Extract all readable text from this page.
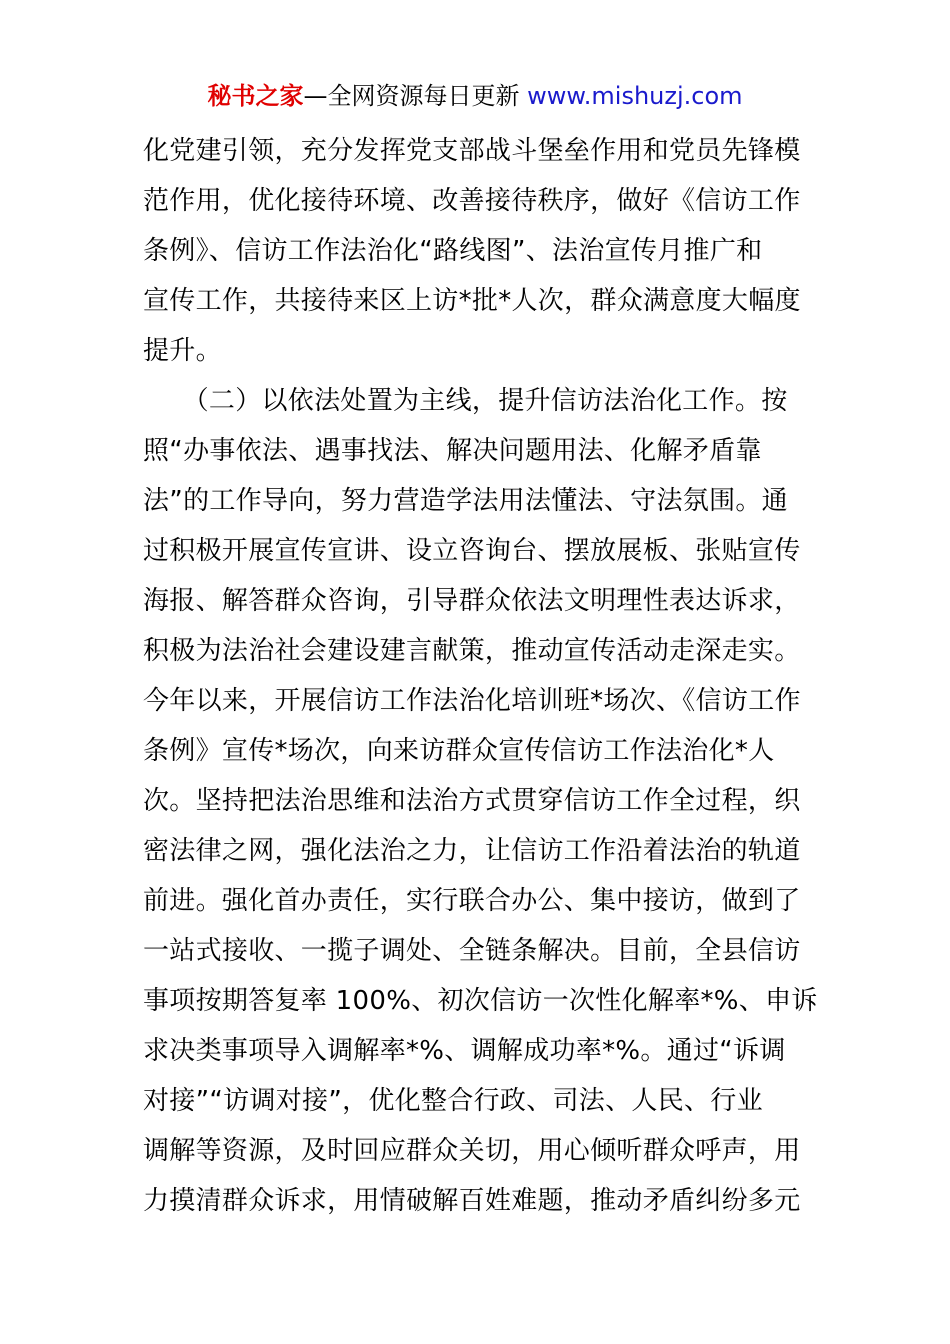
秘书之家—全网资源每日更新 www.mishuzj.com
化党建引领，充分发挥党支部战斗堡垒作用和党员先锋模
范作用，优化接待环境、改善接待秩序，做好《信访工作
条例》、信访工作法治化“路线图”、法治宣传月推广和
宣传工作，共接待来区上访*批*人次，群众满意度大幅度
提升。
　　（二）以依法处置为主线，提升信访法治化工作。按
照“办事依法、遇事找法、解决问题用法、化解矛盾靠
法”的工作导向，努力营造学法用法懂法、守法氛围。通
过积极开展宣传宣讲、设立咨询台、摆放展板、张贴宣传
海报、解答群众咨询，引导群众依法文明理性表达诉求，
积极为法治社会建设建言献策，推动宣传活动走深走实。
今年以来，开展信访工作法治化培训班*场次、《信访工作
条例》宣传*场次，向来访群众宣传信访工作法治化*人
次。坚持把法治思维和法治方式贯穿信访工作全过程，织
密法律之网，强化法治之力，让信访工作沿着法治的轨道
前进。强化首办责任，实行联合办公、集中接访，做到了
一站式接收、一揽子调处、全链条解决。目前，全县信访
事项按期答复率 100%、初次信访一次性化解率*%、申诉
求决类事项导入调解率*%、调解成功率*%。通过“诉调
对接”“访调对接”，优化整合行政、司法、人民、行业
调解等资源，及时回应群众关切，用心倾听群众呼声，用
力摸清群众诉求，用情破解百姓难题，推动矛盾纠纷多元
